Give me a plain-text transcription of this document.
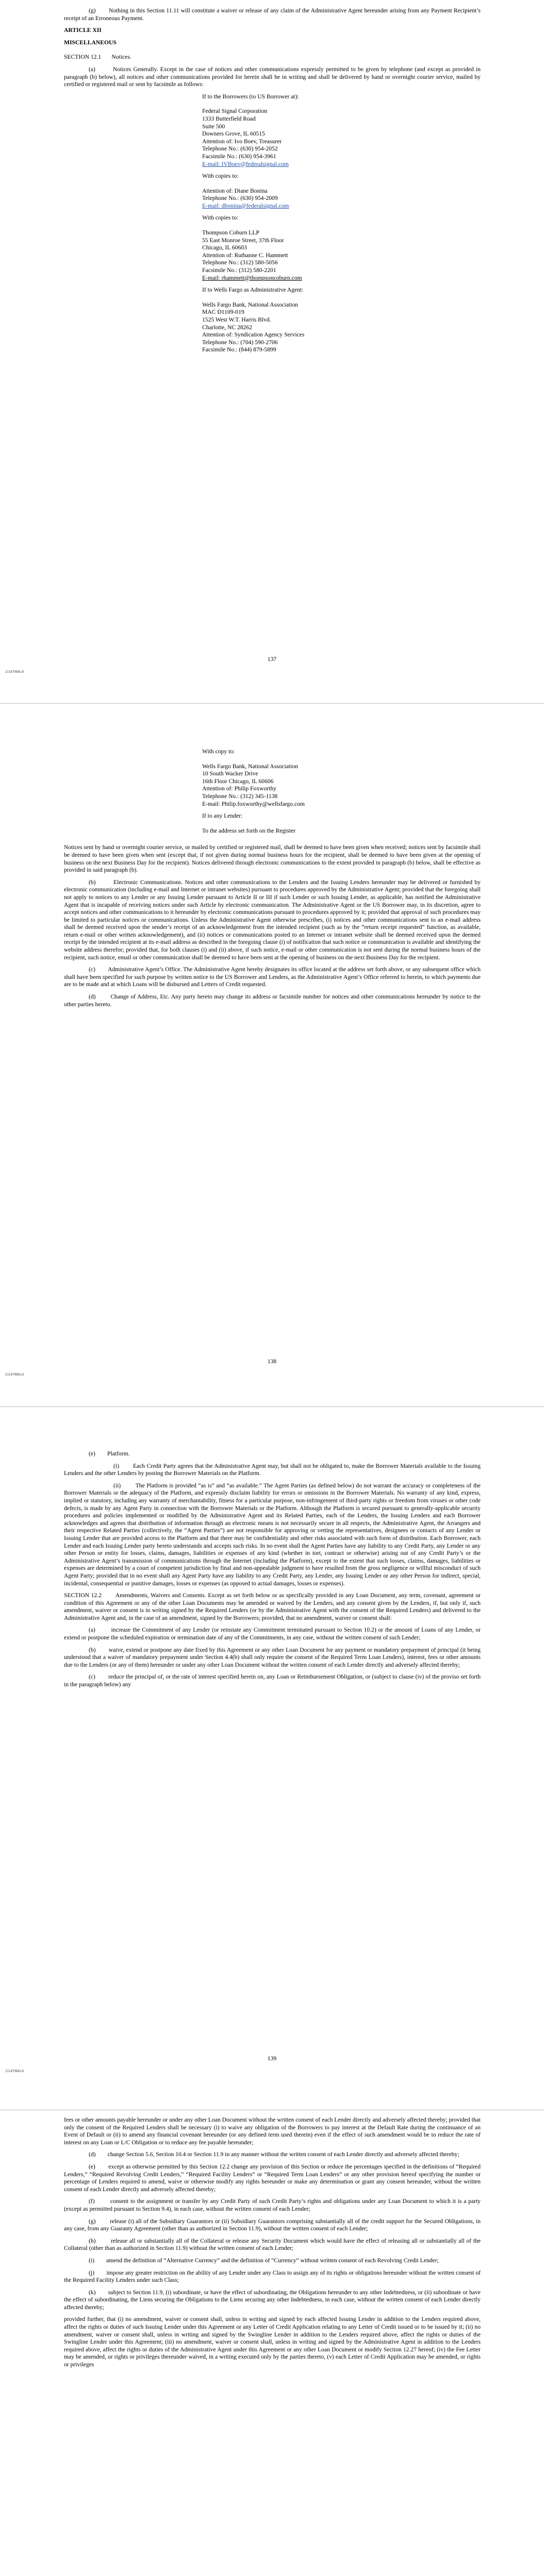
(g)        Nothing in this Section 11.11 will constitute a waiver or release of any claim of the Administrative Agent hereunder arising from any Payment Recipient’s receipt of an Erroneous Payment.

ARTICLE XII

MISCELLANEOUS

SECTION 12.1       Notices.

(a)        Notices Generally. Except in the case of notices and other communications expressly permitted to be given by telephone (and except as provided in paragraph (b) below), all notices and other communications provided for herein shall be in writing and shall be delivered by hand or overnight courier service, mailed by certified or registered mail or sent by facsimile as follows:

If to the Borrowers (to US Borrower at):
Federal Signal Corporation
1333 Butterfield Road
Suite 500
Downers Grove, IL 60515
Attention of: Ivo Boev, Treasurer
Telephone No.: (630) 954-2052
Facsimile No.: (630) 954-3961
E-mail: IVBoev@federalsignal.com
With copies to:
Attention of: Diane Bonina
Telephone No.: (630) 954-2009
E-mail: dbonina@federalsignal.com
With copies to:
Thompson Coburn LLP
55 East Monroe Street, 37th Floor
Chicago, IL 60603
Attention of: Ruthanne C. Hammett
Telephone No.: (312) 580-5056
Facsimile No.: (312) 580-2201
E-mail: rhammett@thompsoncoburn.com
If to Wells Fargo as Administrative Agent:
Wells Fargo Bank, National Association
MAC D1109-019
1525 West W.T. Harris Blvd.
Charlotte, NC 28262
Attention of: Syndication Agency Services
Telephone No.: (704) 590-2706
Facsimile No.: (844) 879-5899
137
21147968v.8
With copy to:
Wells Fargo Bank, National Association
10 South Wacker Drive
16th Floor Chicago, IL 60606
Attention of: Philip Foxworthy
Telephone No.: (312) 345-1138
E-mail: Philip.foxworthy@wellsfargo.com
If to any Lender:
To the address set forth on the Register

Notices sent by hand or overnight courier service, or mailed by certified or registered mail, shall be deemed to have been given when received; notices sent by facsimile shall be deemed to have been given when sent (except that, if not given during normal business hours for the recipient, shall be deemed to have been given at the opening of business on the next Business Day for the recipient). Notices delivered through electronic communications to the extent provided in paragraph (b) below, shall be effective as provided in said paragraph (b).

(b)        Electronic Communications. Notices and other communications to the Lenders and the Issuing Lenders hereunder may be delivered or furnished by electronic communication (including e-mail and Internet or intranet websites) pursuant to procedures approved by the Administrative Agent; provided that the foregoing shall not apply to notices to any Lender or any Issuing Lender pursuant to Article II or III if such Lender or such Issuing Lender, as applicable, has notified the Administrative Agent that is incapable of receiving notices under such Article by electronic communication. The Administrative Agent or the US Borrower may, in its discretion, agree to accept notices and other communications to it hereunder by electronic communications pursuant to procedures approved by it; provided that approval of such procedures may be limited to particular notices or communications. Unless the Administrative Agent otherwise prescribes, (i) notices and other communications sent to an e-mail address shall be deemed received upon the sender’s receipt of an acknowledgement from the intended recipient (such as by the “return receipt requested” function, as available, return e-mail or other written acknowledgement), and (ii) notices or communications posted to an Internet or intranet website shall be deemed received upon the deemed receipt by the intended recipient at its e-mail address as described in the foregoing clause (i) of notification that such notice or communication is available and identifying the website address therefor; provided that, for both clauses (i) and (ii) above, if such notice, e-mail or other communication is not sent during the normal business hours of the recipient, such notice, email or other communication shall be deemed to have been sent at the opening of business on the next Business Day for the recipient.

(c)        Administrative Agent’s Office. The Administrative Agent hereby designates its office located at the address set forth above, or any subsequent office which shall have been specified for such purpose by written notice to the US Borrower and Lenders, as the Administrative Agent’s Office referred to herein, to which payments due are to be made and at which Loans will be disbursed and Letters of Credit requested.

(d)        Change of Address, Etc. Any party hereto may change its address or facsimile number for notices and other communications hereunder by notice to the other parties hereto.

138
21147968v.8

(e)        Platform.

(i)        Each Credit Party agrees that the Administrative Agent may, but shall not be obligated to, make the Borrower Materials available to the Issuing Lenders and the other Lenders by posting the Borrower Materials on the Platform.

(ii)        The Platform is provided “as is” and “as available.” The Agent Parties (as defined below) do not warrant the accuracy or completeness of the Borrower Materials or the adequacy of the Platform, and expressly disclaim liability for errors or omissions in the Borrower Materials. No warranty of any kind, express, implied or statutory, including any warranty of merchantability, fitness for a particular purpose, non-infringement of third-party rights or freedom from viruses or other code defects, is made by any Agent Party in connection with the Borrower Materials or the Platform. Although the Platform is secured pursuant to generally-applicable security procedures and policies implemented or modified by the Administrative Agent and its Related Parties, each of the Lenders, the Issuing Lenders and each Borrower acknowledges and agrees that distribution of information through an electronic means is not necessarily secure in all respects, the Administrative Agent, the Arrangers and their respective Related Parties (collectively, the “Agent Parties”) are not responsible for approving or vetting the representatives, designees or contacts of any Lender or Issuing Lender that are provided access to the Platform and that there may be confidentiality and other risks associated with such form of distribution. Each Borrower, each Lender and each Issuing Lender party hereto understands and accepts such risks. In no event shall the Agent Parties have any liability to any Credit Party, any Lender or any other Person or entity for losses, claims, damages, liabilities or expenses of any kind (whether in tort, contract or otherwise) arising out of any Credit Party’s or the Administrative Agent’s transmission of communications through the Internet (including the Platform), except to the extent that such losses, claims, damages, liabilities or expenses are determined by a court of competent jurisdiction by final and non-appealable judgment to have resulted from the gross negligence or willful misconduct of such Agent Party; provided that in no event shall any Agent Party have any liability to any Credit Party, any Lender, any Issuing Lender or any other Person for indirect, special, incidental, consequential or punitive damages, losses or expenses (as opposed to actual damages, losses or expenses).

SECTION 12.2       Amendments, Waivers and Consents. Except as set forth below or as specifically provided in any Loan Document, any term, covenant, agreement or condition of this Agreement or any of the other Loan Documents may be amended or waived by the Lenders, and any consent given by the Lenders, if, but only if, such amendment, waiver or consent is in writing signed by the Required Lenders (or by the Administrative Agent with the consent of the Required Lenders) and delivered to the Administrative Agent and, in the case of an amendment, signed by the Borrowers; provided, that no amendment, waiver or consent shall:

(a)        increase the Commitment of any Lender (or reinstate any Commitment terminated pursuant to Section 10.2) or the amount of Loans of any Lender, or extend or postpone the scheduled expiration or termination date of any of the Commitments, in any case, without the written consent of such Lender;

(b)        waive, extend or postpone any date fixed by this Agreement or any other Loan Document for any payment or mandatory prepayment of principal (it being understood that a waiver of mandatory prepayment under Section 4.4(b) shall only require the consent of the Required Term Loan Lenders), interest, fees or other amounts due to the Lenders (or any of them) hereunder or under any other Loan Document without the written consent of each Lender directly and adversely affected thereby;

(c)        reduce the principal of, or the rate of interest specified herein on, any Loan or Reimbursement Obligation, or (subject to clause (iv) of the proviso set forth in the paragraph below) any

139
21147968v.8

fees or other amounts payable hereunder or under any other Loan Document without the written consent of each Lender directly and adversely affected thereby; provided that only the consent of the Required Lenders shall be necessary (i) to waive any obligation of the Borrowers to pay interest at the Default Rate during the continuance of an Event of Default or (ii) to amend any financial covenant hereunder (or any defined term used therein) even if the effect of such amendment would be to reduce the rate of interest on any Loan or L/C Obligation or to reduce any fee payable hereunder;

(d)        change Section 5.6, Section 10.4 or Section 11.9 in any manner without the written consent of each Lender directly and adversely affected thereby;

(e)        except as otherwise permitted by this Section 12.2 change any provision of this Section or reduce the percentages specified in the definitions of “Required Lenders,” “Required Revolving Credit Lenders,” “Required Facility Lenders” or “Required Term Loan Lenders” or any other provision hereof specifying the number or percentage of Lenders required to amend, waive or otherwise modify any rights hereunder or make any determination or grant any consent hereunder, without the written consent of each Lender directly and adversely affected thereby;

(f)        consent to the assignment or transfer by any Credit Party of such Credit Party’s rights and obligations under any Loan Document to which it is a party (except as permitted pursuant to Section 9.4), in each case, without the written consent of each Lender;

(g)        release (i) all of the Subsidiary Guarantors or (ii) Subsidiary Guarantors comprising substantially all of the credit support for the Secured Obligations, in any case, from any Guaranty Agreement (other than as authorized in Section 11.9), without the written consent of each Lender;

(h)        release all or substantially all of the Collateral or release any Security Document which would have the effect of releasing all or substantially all of the Collateral (other than as authorized in Section 11.9) without the written consent of each Lender;

(i)        amend the definition of “Alternative Currency” and the definition of “Currency” without written consent of each Revolving Credit Lender;

(j)        impose any greater restriction on the ability of any Lender under any Class to assign any of its rights or obligations hereunder without the written consent of the Required Facility Lenders under such Class;

(k)        subject to Section 11.9, (i) subordinate, or have the effect of subordinating, the Obligations hereunder to any other Indebtedness, or (ii) subordinate or have the effect of subordinating, the Liens securing the Obligations to the Liens securing any other Indebtedness, in each case, without the written consent of each Lender directly affected thereby;

provided further, that (i) no amendment, waiver or consent shall, unless in writing and signed by each affected Issuing Lender in addition to the Lenders required above, affect the rights or duties of such Issuing Lender under this Agreement or any Letter of Credit Application relating to any Letter of Credit issued or to be issued by it; (ii) no amendment, waiver or consent shall, unless in writing and signed by the Swingline Lender in addition to the Lenders required above, affect the rights or duties of the Swingline Lender under this Agreement; (iii) no amendment, waiver or consent shall, unless in writing and signed by the Administrative Agent in addition to the Lenders required above, affect the rights or duties of the Administrative Agent under this Agreement or any other Loan Document or modify Section 12.27 hereof; (iv) the Fee Letter may be amended, or rights or privileges thereunder waived, in a writing executed only by the parties thereto, (v) each Letter of Credit Application may be amended, or rights or privileges
